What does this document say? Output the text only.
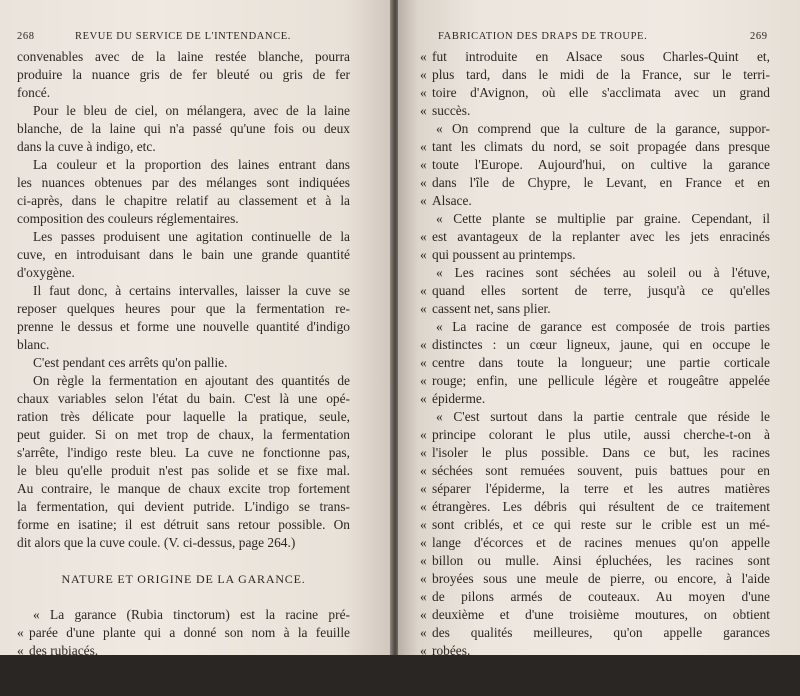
268	REVUE DU SERVICE DE L'INTENDANCE.
convenables avec de la laine restée blanche, pourra
produire la nuance gris de fer bleuté ou gris de fer
foncé.
Pour le bleu de ciel, on mélangera, avec de la laine
blanche, de la laine qui n'a passé qu'une fois ou deux
dans la cuve à indigo, etc.
La couleur et la proportion des laines entrant dans
les nuances obtenues par des mélanges sont indiquées
ci-après, dans le chapitre relatif au classement et à la
composition des couleurs réglementaires.
Les passes produisent une agitation continuelle de la
cuve, en introduisant dans le bain une grande quantité
d'oxygène.
Il faut donc, à certains intervalles, laisser la cuve se
reposer quelques heures pour que la fermentation re-
prenne le dessus et forme une nouvelle quantité d'indigo
blanc.
C'est pendant ces arrêts qu'on pallie.
On règle la fermentation en ajoutant des quantités de
chaux variables selon l'état du bain. C'est là une opé-
ration très délicate pour laquelle la pratique, seule,
peut guider. Si on met trop de chaux, la fermentation
s'arrête, l'indigo reste bleu. La cuve ne fonctionne pas,
le bleu qu'elle produit n'est pas solide et se fixe mal.
Au contraire, le manque de chaux excite trop fortement
la fermentation, qui devient putride. L'indigo se trans-
forme en isatine; il est détruit sans retour possible. On
dit alors que la cuve coule. (V. ci-dessus, page 264.)
NATURE ET ORIGINE DE LA GARANCE.
« La garance (Rubia tinctorum) est la racine pré-
« parée d'une plante qui a donné son nom à la feuille
« des rubiacés.
« Cette plante, qui était connue des Grecs et des
« Romains, passe pour être originaire de l'Asie. Elle
FABRICATION DES DRAPS DE TROUPE.	269
« fut introduite en Alsace sous Charles-Quint et,
« plus tard, dans le midi de la France, sur le terri-
« toire d'Avignon, où elle s'acclimata avec un grand
« succès.
« On comprend que la culture de la garance, suppor-
« tant les climats du nord, se soit propagée dans presque
« toute l'Europe. Aujourd'hui, on cultive la garance
« dans l'île de Chypre, le Levant, en France et en
« Alsace.
« Cette plante se multiplie par graine. Cependant, il
« est avantageux de la replanter avec les jets enracinés
« qui poussent au printemps.
« Les racines sont séchées au soleil ou à l'étuve,
« quand elles sortent de terre, jusqu'à ce qu'elles
« cassent net, sans plier.
« La racine de garance est composée de trois parties
« distinctes : un cœur ligneux, jaune, qui en occupe le
« centre dans toute la longueur; une partie corticale
« rouge; enfin, une pellicule légère et rougeâtre appelée
« épiderme.
« C'est surtout dans la partie centrale que réside le
« principe colorant le plus utile, aussi cherche-t-on à
« l'isoler le plus possible. Dans ce but, les racines
« séchées sont remuées souvent, puis battues pour en
« séparer l'épiderme, la terre et les autres matières
« étrangères. Les débris qui résultent de ce traitement
« sont criblés, et ce qui reste sur le crible est un mé-
« lange d'écorces et de racines menues qu'on appelle
« billon ou mulle. Ainsi épluchées, les racines sont
« broyées sous une meule de pierre, ou encore, à l'aide
« de pilons armés de couteaux. Au moyen d'une
« deuxième et d'une troisième moutures, on obtient
« des qualités meilleures, qu'on appelle garances
« robées.
« Dans le commerce, on appelle alizari les racines
« entières, et garance, les racines pulvérisées.
